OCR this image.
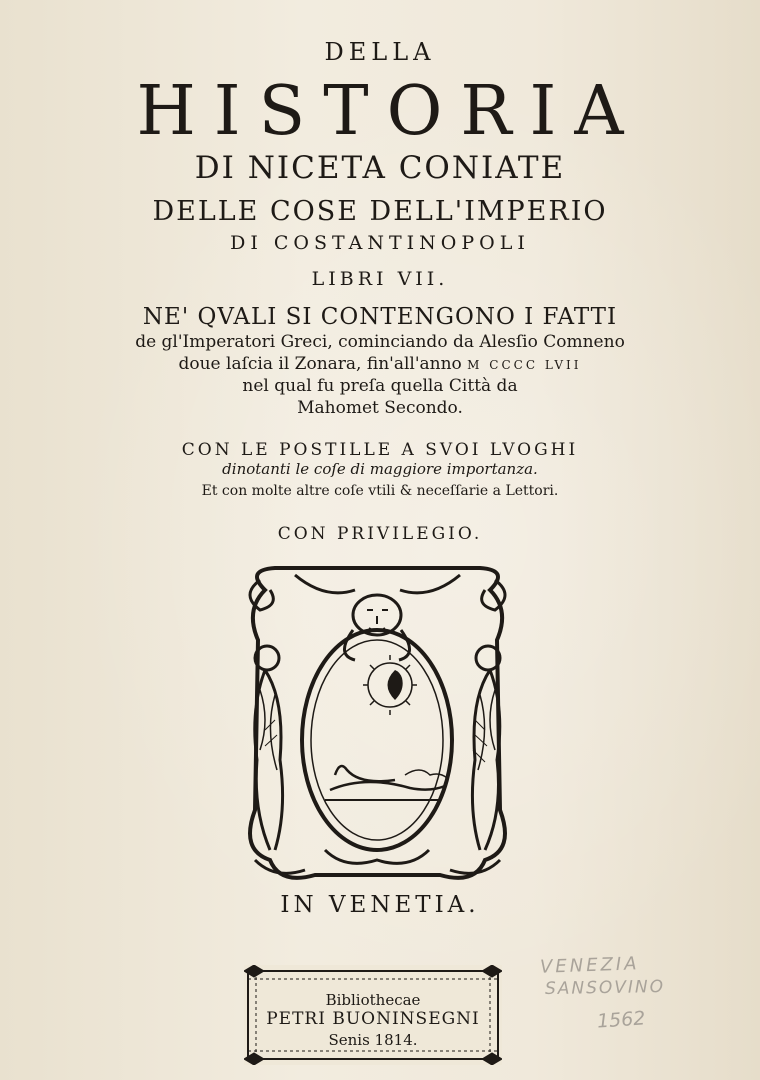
DELLA
HISTORIA
DI NICETA CONIATE
DELLE COSE DELL'IMPERIO
DI COSTANTINOPOLI
LIBRI VII.
NE' QVALI SI CONTENGONO I FATTI
de gl'Imperatori Greci, cominciando da Alesſio Comneno
doue laſcia il Zonara, fin'all'anno M CCCC LVII
nel qual fu preſa quella Città da
Mahomet Secondo.
CON LE POSTILLE A SVOI LVOGHI
dinotanti le coſe di maggiore importanza.
Et con molte altre coſe vtili & neceſſarie a Lettori.
CON PRIVILEGIO.
IN VENETIA.
Bibliothecae
PETRI BUONINSEGNI
Senis 1814.
VENEZIA
SANSOVINO
1562
